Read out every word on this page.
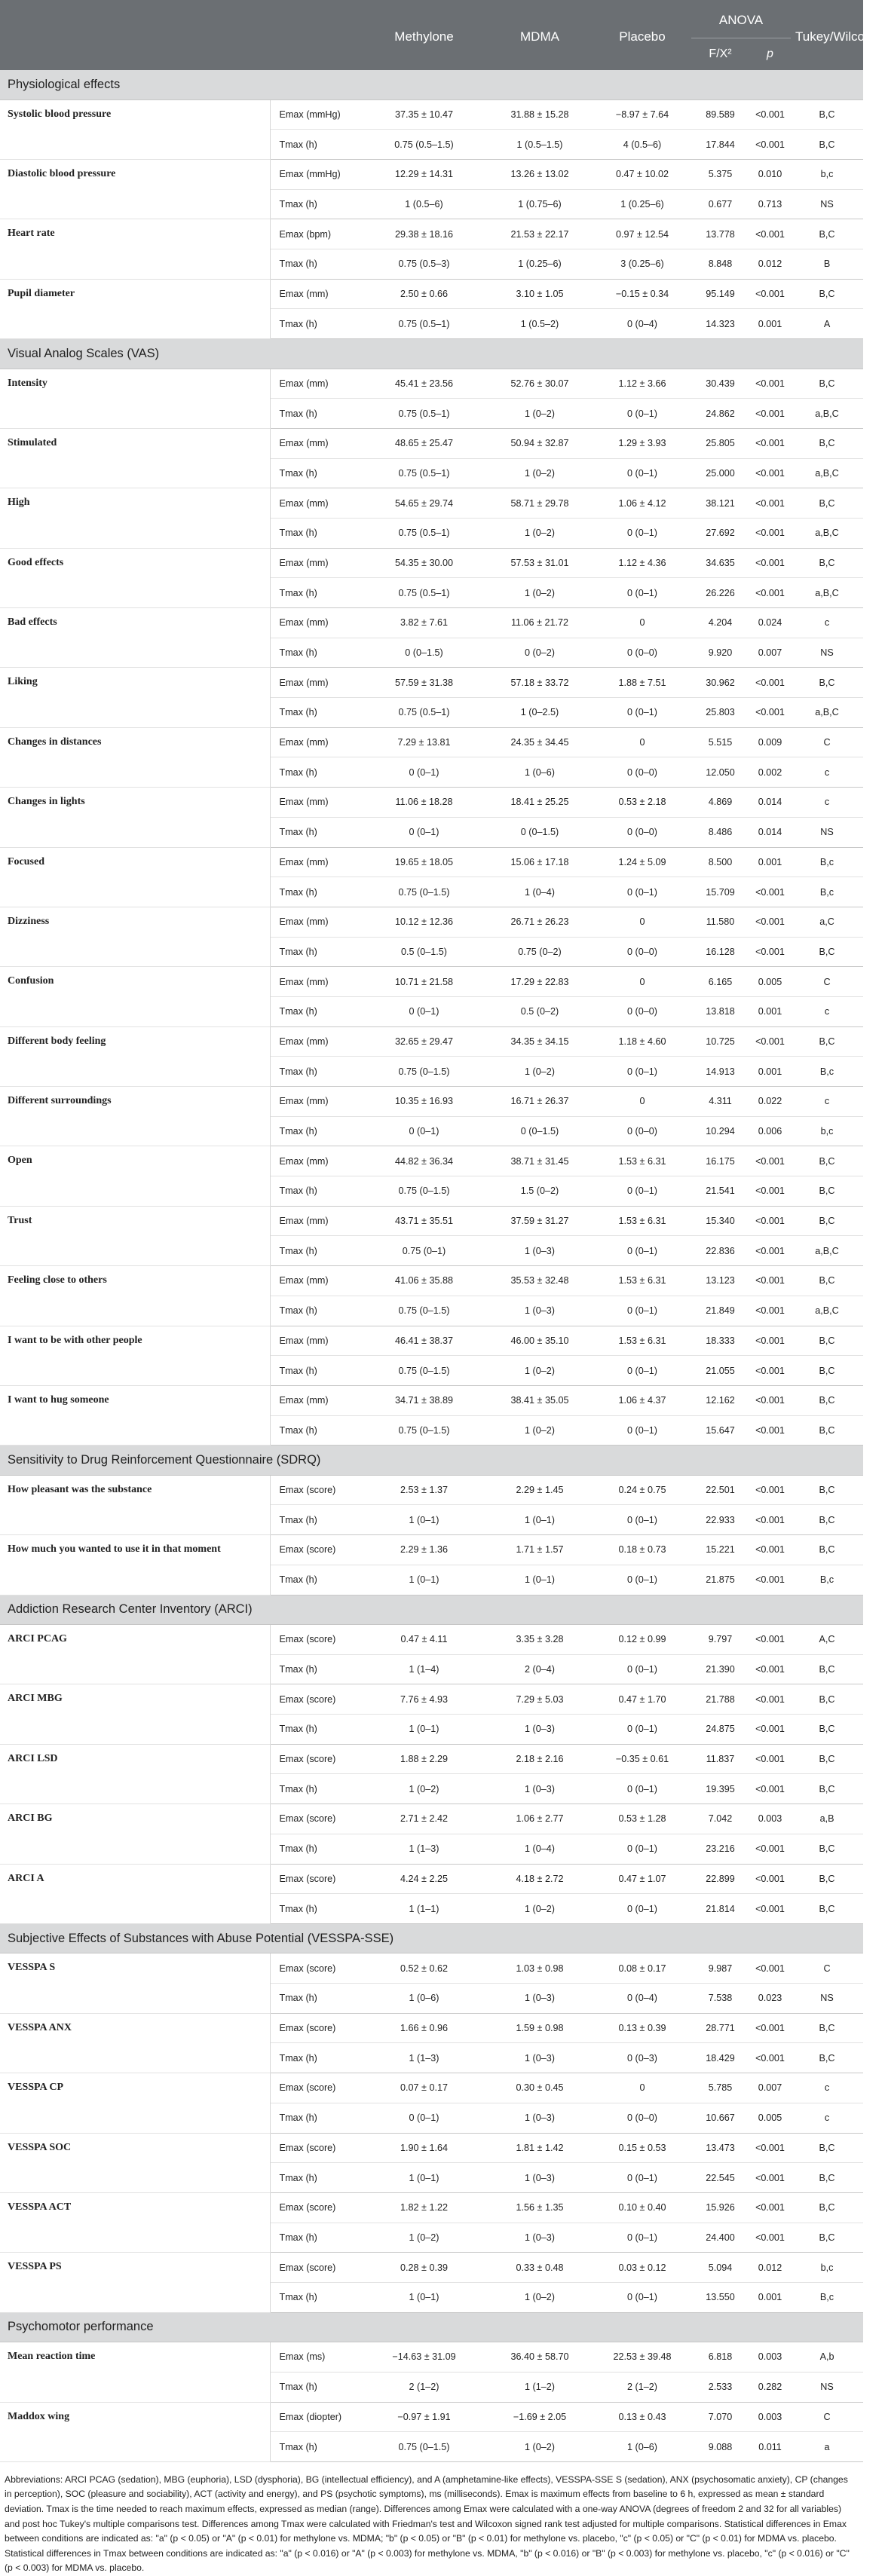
		Methylone	MDMA	Placebo	ANOVA		Tukey/Wilcoxon
					F/X²	p	
Physiological effects							
Systolic blood pressure	Emax (mmHg)	37.35 ± 10.47	31.88 ± 15.28	−8.97 ± 7.64	89.589	<0.001	B,C
	Tmax (h)	0.75 (0.5–1.5)	1 (0.5–1.5)	4 (0.5–6)	17.844	<0.001	B,C
Diastolic blood pressure	Emax (mmHg)	12.29 ± 14.31	13.26 ± 13.02	0.47 ± 10.02	5.375	0.010	b,c
	Tmax (h)	1 (0.5–6)	1 (0.75–6)	1 (0.25–6)	0.677	0.713	NS
Heart rate	Emax (bpm)	29.38 ± 18.16	21.53 ± 22.17	0.97 ± 12.54	13.778	<0.001	B,C
	Tmax (h)	0.75 (0.5–3)	1 (0.25–6)	3 (0.25–6)	8.848	0.012	B
Pupil diameter	Emax (mm)	2.50 ± 0.66	3.10 ± 1.05	−0.15 ± 0.34	95.149	<0.001	B,C
	Tmax (h)	0.75 (0.5–1)	1 (0.5–2)	0 (0–4)	14.323	0.001	A
Visual Analog Scales (VAS)							
Intensity	Emax (mm)	45.41 ± 23.56	52.76 ± 30.07	1.12 ± 3.66	30.439	<0.001	B,C
	Tmax (h)	0.75 (0.5–1)	1 (0–2)	0 (0–1)	24.862	<0.001	a,B,C
Stimulated	Emax (mm)	48.65 ± 25.47	50.94 ± 32.87	1.29 ± 3.93	25.805	<0.001	B,C
	Tmax (h)	0.75 (0.5–1)	1 (0–2)	0 (0–1)	25.000	<0.001	a,B,C
High	Emax (mm)	54.65 ± 29.74	58.71 ± 29.78	1.06 ± 4.12	38.121	<0.001	B,C
	Tmax (h)	0.75 (0.5–1)	1 (0–2)	0 (0–1)	27.692	<0.001	a,B,C
Good effects	Emax (mm)	54.35 ± 30.00	57.53 ± 31.01	1.12 ± 4.36	34.635	<0.001	B,C
	Tmax (h)	0.75 (0.5–1)	1 (0–2)	0 (0–1)	26.226	<0.001	a,B,C
Bad effects	Emax (mm)	3.82 ± 7.61	11.06 ± 21.72	0	4.204	0.024	c
	Tmax (h)	0 (0–1.5)	0 (0–2)	0 (0–0)	9.920	0.007	NS
Liking	Emax (mm)	57.59 ± 31.38	57.18 ± 33.72	1.88 ± 7.51	30.962	<0.001	B,C
	Tmax (h)	0.75 (0.5–1)	1 (0–2.5)	0 (0–1)	25.803	<0.001	a,B,C
Changes in distances	Emax (mm)	7.29 ± 13.81	24.35 ± 34.45	0	5.515	0.009	C
	Tmax (h)	0 (0–1)	1 (0–6)	0 (0–0)	12.050	0.002	c
Changes in lights	Emax (mm)	11.06 ± 18.28	18.41 ± 25.25	0.53 ± 2.18	4.869	0.014	c
	Tmax (h)	0 (0–1)	0 (0–1.5)	0 (0–0)	8.486	0.014	NS
Focused	Emax (mm)	19.65 ± 18.05	15.06 ± 17.18	1.24 ± 5.09	8.500	0.001	B,c
	Tmax (h)	0.75 (0–1.5)	1 (0–4)	0 (0–1)	15.709	<0.001	B,c
Dizziness	Emax (mm)	10.12 ± 12.36	26.71 ± 26.23	0	11.580	<0.001	a,C
	Tmax (h)	0.5 (0–1.5)	0.75 (0–2)	0 (0–0)	16.128	<0.001	B,C
Confusion	Emax (mm)	10.71 ± 21.58	17.29 ± 22.83	0	6.165	0.005	C
	Tmax (h)	0 (0–1)	0.5 (0–2)	0 (0–0)	13.818	0.001	c
Different body feeling	Emax (mm)	32.65 ± 29.47	34.35 ± 34.15	1.18 ± 4.60	10.725	<0.001	B,C
	Tmax (h)	0.75 (0–1.5)	1 (0–2)	0 (0–1)	14.913	0.001	B,c
Different surroundings	Emax (mm)	10.35 ± 16.93	16.71 ± 26.37	0	4.311	0.022	c
	Tmax (h)	0 (0–1)	0 (0–1.5)	0 (0–0)	10.294	0.006	b,c
Open	Emax (mm)	44.82 ± 36.34	38.71 ± 31.45	1.53 ± 6.31	16.175	<0.001	B,C
	Tmax (h)	0.75 (0–1.5)	1.5 (0–2)	0 (0–1)	21.541	<0.001	B,C
Trust	Emax (mm)	43.71 ± 35.51	37.59 ± 31.27	1.53 ± 6.31	15.340	<0.001	B,C
	Tmax (h)	0.75 (0–1)	1 (0–3)	0 (0–1)	22.836	<0.001	a,B,C
Feeling close to others	Emax (mm)	41.06 ± 35.88	35.53 ± 32.48	1.53 ± 6.31	13.123	<0.001	B,C
	Tmax (h)	0.75 (0–1.5)	1 (0–3)	0 (0–1)	21.849	<0.001	a,B,C
I want to be with other people	Emax (mm)	46.41 ± 38.37	46.00 ± 35.10	1.53 ± 6.31	18.333	<0.001	B,C
	Tmax (h)	0.75 (0–1.5)	1 (0–2)	0 (0–1)	21.055	<0.001	B,C
I want to hug someone	Emax (mm)	34.71 ± 38.89	38.41 ± 35.05	1.06 ± 4.37	12.162	<0.001	B,C
	Tmax (h)	0.75 (0–1.5)	1 (0–2)	0 (0–1)	15.647	<0.001	B,C
Sensitivity to Drug Reinforcement Questionnaire (SDRQ)							
How pleasant was the substance	Emax (score)	2.53 ± 1.37	2.29 ± 1.45	0.24 ± 0.75	22.501	<0.001	B,C
	Tmax (h)	1 (0–1)	1 (0–1)	0 (0–1)	22.933	<0.001	B,C
How much you wanted to use it in that moment	Emax (score)	2.29 ± 1.36	1.71 ± 1.57	0.18 ± 0.73	15.221	<0.001	B,C
	Tmax (h)	1 (0–1)	1 (0–1)	0 (0–1)	21.875	<0.001	B,c
Addiction Research Center Inventory (ARCI)							
ARCI PCAG	Emax (score)	0.47 ± 4.11	3.35 ± 3.28	0.12 ± 0.99	9.797	<0.001	A,C
	Tmax (h)	1 (1–4)	2 (0–4)	0 (0–1)	21.390	<0.001	B,C
ARCI MBG	Emax (score)	7.76 ± 4.93	7.29 ± 5.03	0.47 ± 1.70	21.788	<0.001	B,C
	Tmax (h)	1 (0–1)	1 (0–3)	0 (0–1)	24.875	<0.001	B,C
ARCI LSD	Emax (score)	1.88 ± 2.29	2.18 ± 2.16	−0.35 ± 0.61	11.837	<0.001	B,C
	Tmax (h)	1 (0–2)	1 (0–3)	0 (0–1)	19.395	<0.001	B,C
ARCI BG	Emax (score)	2.71 ± 2.42	1.06 ± 2.77	0.53 ± 1.28	7.042	0.003	a,B
	Tmax (h)	1 (1–3)	1 (0–4)	0 (0–1)	23.216	<0.001	B,C
ARCI A	Emax (score)	4.24 ± 2.25	4.18 ± 2.72	0.47 ± 1.07	22.899	<0.001	B,C
	Tmax (h)	1 (1–1)	1 (0–2)	0 (0–1)	21.814	<0.001	B,C
Subjective Effects of Substances with Abuse Potential (VESSPA-SSE)							
VESSPA S	Emax (score)	0.52 ± 0.62	1.03 ± 0.98	0.08 ± 0.17	9.987	<0.001	C
	Tmax (h)	1 (0–6)	1 (0–3)	0 (0–4)	7.538	0.023	NS
VESSPA ANX	Emax (score)	1.66 ± 0.96	1.59 ± 0.98	0.13 ± 0.39	28.771	<0.001	B,C
	Tmax (h)	1 (1–3)	1 (0–3)	0 (0–3)	18.429	<0.001	B,C
VESSPA CP	Emax (score)	0.07 ± 0.17	0.30 ± 0.45	0	5.785	0.007	c
	Tmax (h)	0 (0–1)	1 (0–3)	0 (0–0)	10.667	0.005	c
VESSPA SOC	Emax (score)	1.90 ± 1.64	1.81 ± 1.42	0.15 ± 0.53	13.473	<0.001	B,C
	Tmax (h)	1 (0–1)	1 (0–3)	0 (0–1)	22.545	<0.001	B,C
VESSPA ACT	Emax (score)	1.82 ± 1.22	1.56 ± 1.35	0.10 ± 0.40	15.926	<0.001	B,C
	Tmax (h)	1 (0–2)	1 (0–3)	0 (0–1)	24.400	<0.001	B,C
VESSPA PS	Emax (score)	0.28 ± 0.39	0.33 ± 0.48	0.03 ± 0.12	5.094	0.012	b,c
	Tmax (h)	1 (0–1)	1 (0–2)	0 (0–1)	13.550	0.001	B,c
Psychomotor performance							
Mean reaction time	Emax (ms)	−14.63 ± 31.09	36.40 ± 58.70	22.53 ± 39.48	6.818	0.003	A,b
	Tmax (h)	2 (1–2)	1 (1–2)	2 (1–2)	2.533	0.282	NS
Maddox wing	Emax (diopter)	−0.97 ± 1.91	−1.69 ± 2.05	0.13 ± 0.43	7.070	0.003	C
	Tmax (h)	0.75 (0–1.5)	1 (0–2)	1 (0–6)	9.088	0.011	a

Abbreviations: ARCI PCAG (sedation), MBG (euphoria), LSD (dysphoria), BG (intellectual efficiency), and A (amphetamine-like effects), VESSPA-SSE S (sedation), ANX (psychosomatic anxiety), CP (changes in perception), SOC (pleasure and sociability), ACT (activity and energy), and PS (psychotic symptoms), ms (milliseconds). Emax is maximum effects from baseline to 6 h, expressed as mean ± standard deviation. Tmax is the time needed to reach maximum effects, expressed as median (range). Differences among Emax were calculated with a one-way ANOVA (degrees of freedom 2 and 32 for all variables) and post hoc Tukey's multiple comparisons test. Differences among Tmax were calculated with Friedman's test and Wilcoxon signed rank test adjusted for multiple comparisons. Statistical differences in Emax between conditions are indicated as: "a" (p < 0.05) or "A" (p < 0.01) for methylone vs. MDMA; "b" (p < 0.05) or "B" (p < 0.01) for methylone vs. placebo, "c" (p < 0.05) or "C" (p < 0.01) for MDMA vs. placebo. Statistical differences in Tmax between conditions are indicated as: "a" (p < 0.016) or "A" (p < 0.003) for methylone vs. MDMA, "b" (p < 0.016) or "B" (p < 0.003) for methylone vs. placebo, "c" (p < 0.016) or "C" (p < 0.003) for MDMA vs. placebo.
